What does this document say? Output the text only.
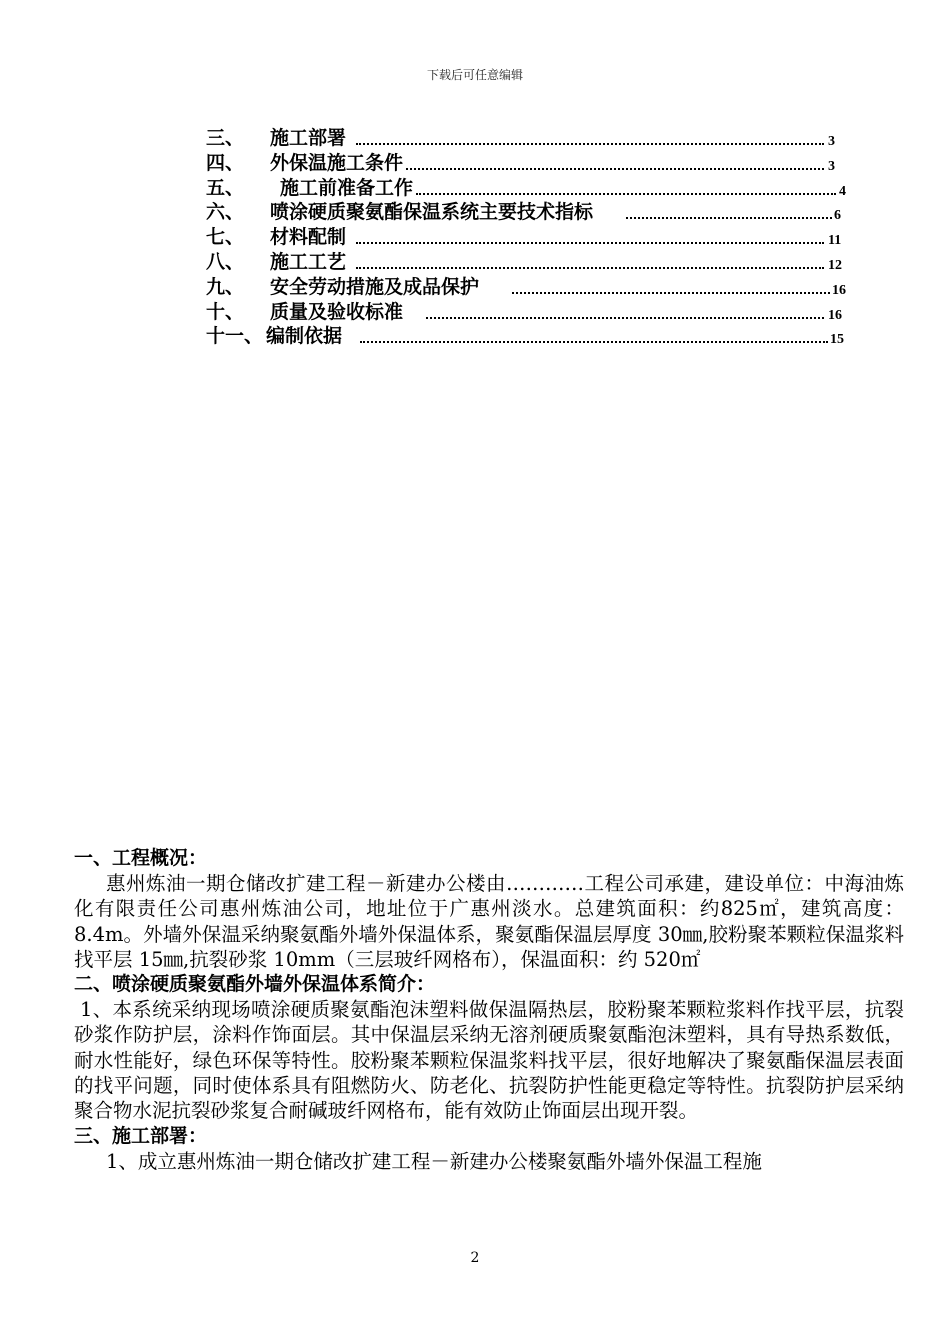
下载后可任意编辑
三、 施工部署	3
四、 外保温施工条件	3
五、 施工前准备工作	4
六、 喷涂硬质聚氨酯保温系统主要技术指标	6
七、 材料配制	11
八、 施工工艺	12
九、 安全劳动措施及成品保护	16
十、 质量及验收标准	16
十一、 编制依据	15

一、工程概况：

惠州炼油一期仓储改扩建工程－新建办公楼由…………工程公司承建，建设单位：中海油炼化有限责任公司惠州炼油公司，地址位于广惠州淡水。总建筑面积：约825㎡，建筑高度：8.4m。外墙外保温采纳聚氨酯外墙外保温体系，聚氨酯保温层厚度 30㎜,胶粉聚苯颗粒保温浆料找平层 15㎜,抗裂砂浆 10mm（三层玻纤网格布），保温面积：约 520㎡

二、喷涂硬质聚氨酯外墙外保温体系简介：

1、本系统采纳现场喷涂硬质聚氨酯泡沫塑料做保温隔热层，胶粉聚苯颗粒浆料作找平层，抗裂砂浆作防护层，涂料作饰面层。其中保温层采纳无溶剂硬质聚氨酯泡沫塑料，具有导热系数低，耐水性能好，绿色环保等特性。胶粉聚苯颗粒保温浆料找平层，很好地解决了聚氨酯保温层表面的找平问题，同时使体系具有阻燃防火、防老化、抗裂防护性能更稳定等特性。抗裂防护层采纳聚合物水泥抗裂砂浆复合耐碱玻纤网格布，能有效防止饰面层出现开裂。

三、施工部署：

1、成立惠州炼油一期仓储改扩建工程－新建办公楼聚氨酯外墙外保温工程施

2
